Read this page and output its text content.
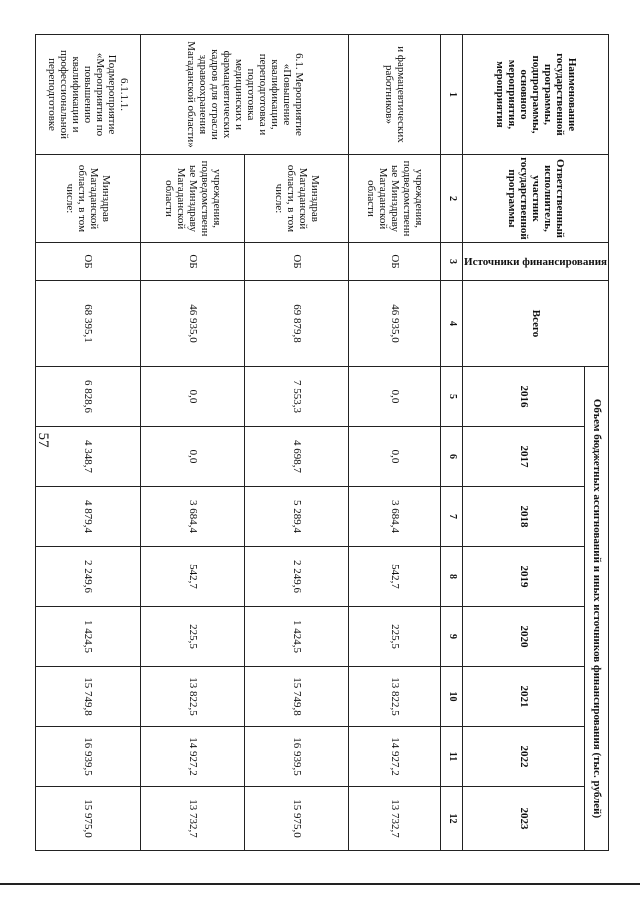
57
Наименование государственной программы, подпрограммы, основного мероприятия, мероприятия	Ответственный исполнитель, участник государственной программы	Источники финансирования	Всего	Объем бюджетных ассигнований и иных источников финансирования (тыс. рублей)							
				2016	2017	2018	2019	2020	2021	2022	2023
1	2	3	4	5	6	7	8	9	10	11	12
и фармацевтических работников»	учреждения, подведомственные Минздраву Магаданской области	ОБ	46 935,0	0,0	0,0	3 684,4	542,7	225,5	13 822,5	14 927,2	13 732,7
6.1. Мероприятие «Повышение квалификации, переподготовка и подготовка медицинских и фармацевтических кадров для отрасли здравоохранения Магаданской области»	Минздрав Магаданской области, в том числе:	ОБ	69 879,8	7 553,3	4 698,7	5 289,4	2 249,6	1 424,5	15 749,8	16 939,5	15 975,0
	учреждения, подведомственные Минздраву Магаданской области	ОБ	46 935,0	0,0	0,0	3 684,4	542,7	225,5	13 822,5	14 927,2	13 732,7
6.1.1.1. Подмероприятие «Мероприятия по повышению квалификации и профессиональной переподготовке	Минздрав Магаданской области, в том числе:	ОБ	68 395,1	6 828,6	4 348,7	4 879,4	2 249,6	1 424,5	15 749,8	16 939,5	15 975,0
